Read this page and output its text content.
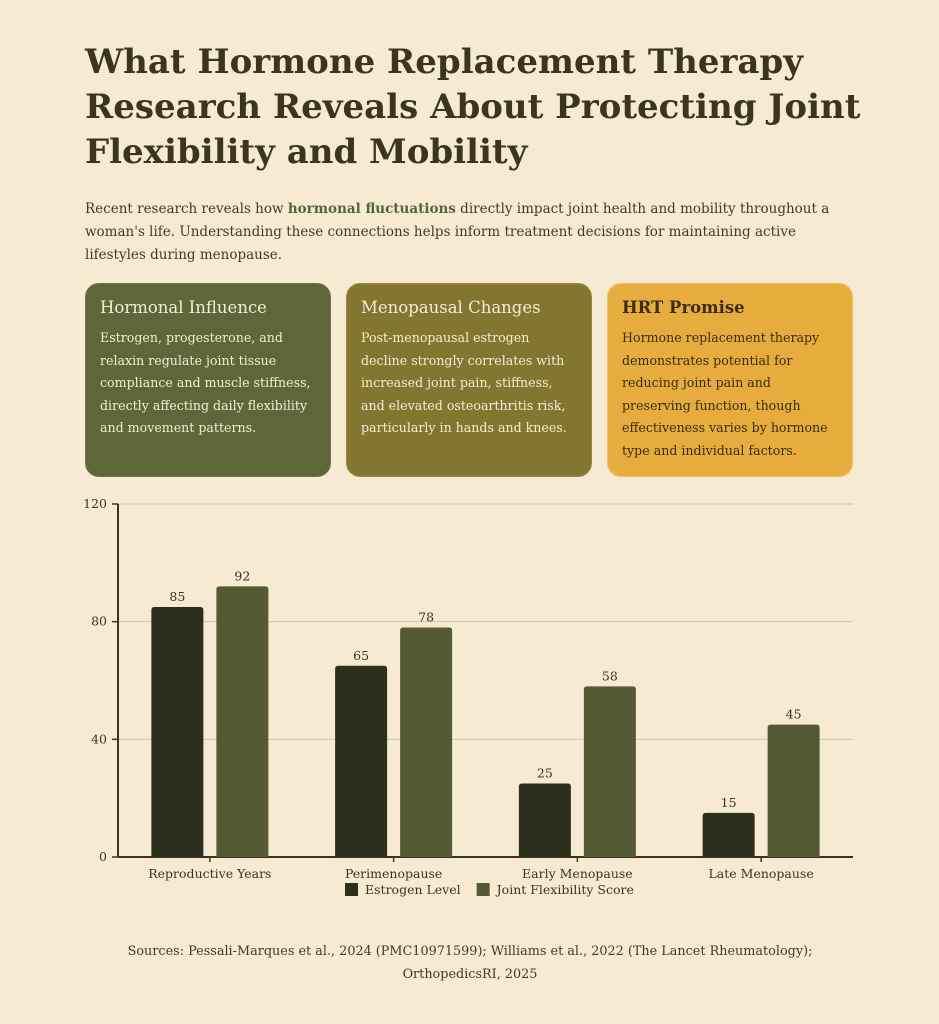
What Hormone Replacement Therapy Research Reveals About Protecting Joint Flexibility and Mobility

Recent research reveals how hormonal fluctuations directly impact joint health and mobility throughout a woman's life. Understanding these connections helps inform treatment decisions for maintaining active lifestyles during menopause.

Hormonal Influence

Estrogen, progesterone, and relaxin regulate joint tissue compliance and muscle stiffness, directly affecting daily flexibility and movement patterns.

Menopausal Changes

Post-menopausal estrogen decline strongly correlates with increased joint pain, stiffness, and elevated osteoarthritis risk, particularly in hands and knees.

HRT Promise

Hormone replacement therapy demonstrates potential for reducing joint pain and preserving function, though effectiveness varies by hormone type and individual factors.

0
40
80
120
85
92
Reproductive Years
65
78
Perimenopause
25
58
Early Menopause
15
45
Late Menopause
Estrogen Level	Joint Flexibility Score

Sources: Pessali-Marques et al., 2024 (PMC10971599); Williams et al., 2022 (The Lancet Rheumatology); OrthopedicsRI, 2025
